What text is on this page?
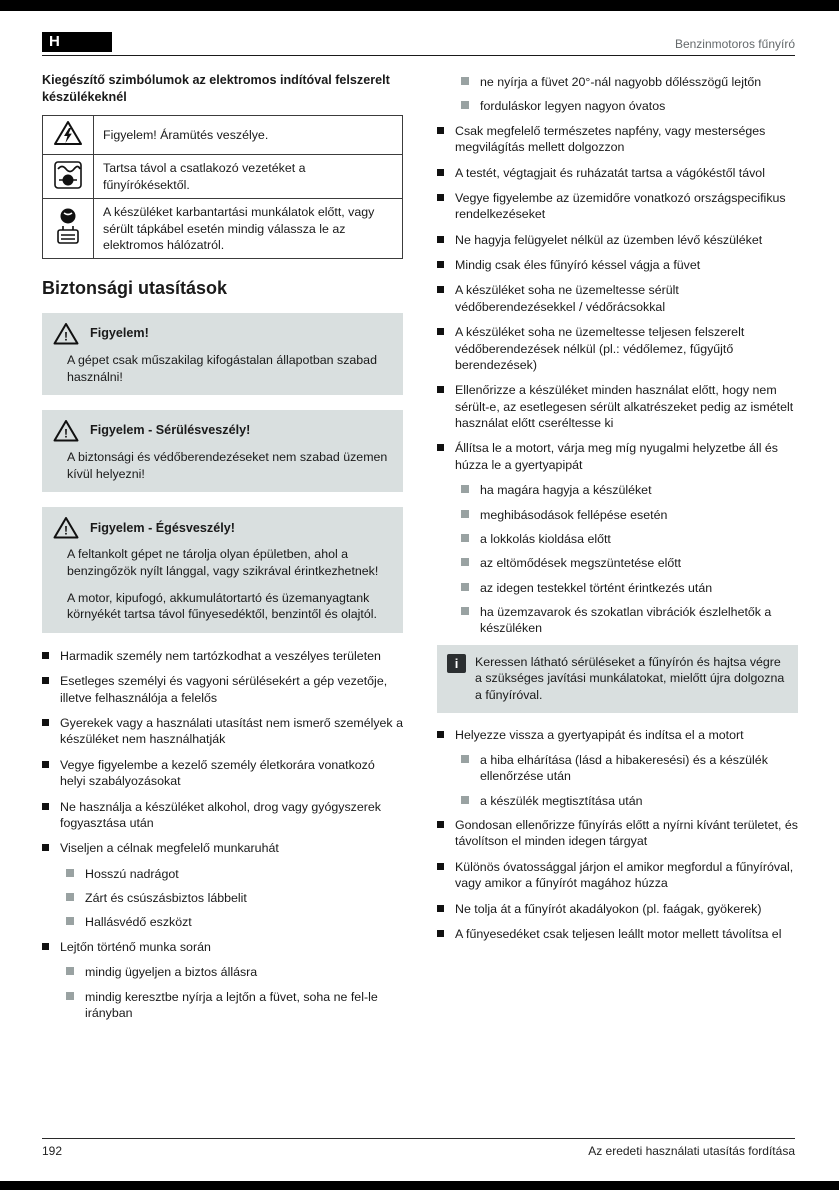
H	Benzinmotoros fűnyíró
Kiegészítő szimbólumok az elektromos indítóval felszerelt készülékeknél
	Figyelem! Áramütés veszélye.
	Tartsa távol a csatlakozó vezetéket a fűnyírókésektől.
	A készüléket karbantartási munkálatok előtt, vagy sérült tápkábel esetén mindig válassza le az elektromos hálózatról.
Biztonsági utasítások
! Figyelem!

A gépet csak műszakilag kifogástalan állapotban szabad használni!

! Figyelem - Sérülésveszély!

A biztonsági és védőberendezéseket nem szabad üzemen kívül helyezni!

! Figyelem - Égésveszély!

A feltankolt gépet ne tárolja olyan épületben, ahol a benzingőzök nyílt lánggal, vagy szikrával érintkezhetnek!

A motor, kipufogó, akkumulátortartó és üzemanyagtank környékét tartsa távol fűnyesedéktől, benzintől és olajtól.

Harmadik személy nem tartózkodhat a veszélyes területen
Esetleges személyi és vagyoni sérülésekért a gép vezetője, illetve felhasználója a felelős
Gyerekek vagy a használati utasítást nem ismerő személyek a készüléket nem használhatják
Vegye figyelembe a kezelő személy életkorára vonatkozó helyi szabályozásokat
Ne használja a készüléket alkohol, drog vagy gyógyszerek fogyasztása után
Viseljen a célnak megfelelő munkaruhát
Hosszú nadrágot
Zárt és csúszásbiztos lábbelit
Hallásvédő eszközt
Lejtőn történő munka során
mindig ügyeljen a biztos állásra
mindig keresztbe nyírja a lejtőn a füvet, soha ne fel-le irányban
ne nyírja a füvet 20°-nál nagyobb dőlésszögű lejtőn
forduláskor legyen nagyon óvatos
Csak megfelelő természetes napfény, vagy mesterséges megvilágítás mellett dolgozzon
A testét, végtagjait és ruházatát tartsa a vágókéstől távol
Vegye figyelembe az üzemidőre vonatkozó országspecifikus rendelkezéseket
Ne hagyja felügyelet nélkül az üzemben lévő készüléket
Mindig csak éles fűnyíró késsel vágja a füvet
A készüléket soha ne üzemeltesse sérült védőberendezésekkel / védőrácsokkal
A készüléket soha ne üzemeltesse teljesen felszerelt védőberendezések nélkül (pl.: védőlemez, fűgyűjtő berendezések)
Ellenőrizze a készüléket minden használat előtt, hogy nem sérült-e, az esetlegesen sérült alkatrészeket pedig az ismételt használat előtt cseréltesse ki
Állítsa le a motort, várja meg míg nyugalmi helyzetbe áll és húzza le a gyertyapipát
ha magára hagyja a készüléket
meghibásodások fellépése esetén
a lokkolás kioldása előtt
az eltömődések megszüntetése előtt
az idegen testekkel történt érintkezés után
ha üzemzavarok és szokatlan vibrációk észlelhetők a készüléken
i	Keressen látható sérüléseket a fűnyírón és hajtsa végre a szükséges javítási munkálatokat, mielőtt újra dolgozna a fűnyíróval.
Helyezze vissza a gyertyapipát és indítsa el a motort
a hiba elhárítása (lásd a hibakeresési) és a készülék ellenőrzése után
a készülék megtisztítása után
Gondosan ellenőrizze fűnyírás előtt a nyírni kívánt területet, és távolítson el minden idegen tárgyat
Különös óvatossággal járjon el amikor megfordul a fűnyíróval, vagy amikor a fűnyírót magához húzza
Ne tolja át a fűnyírót akadályokon (pl. faágak, gyökerek)
A fűnyesedéket csak teljesen leállt motor mellett távolítsa el
192	Az eredeti használati utasítás fordítása
